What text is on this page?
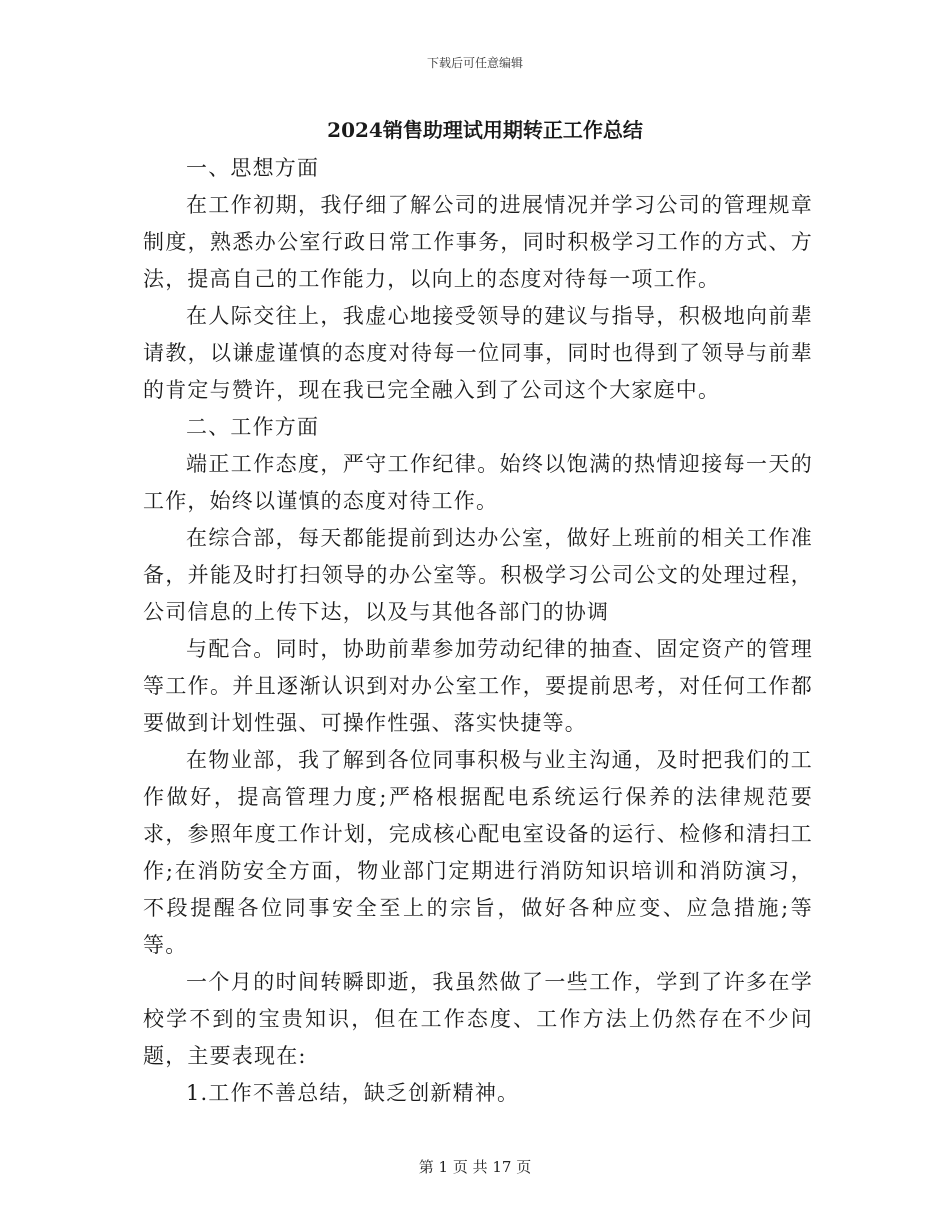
下载后可任意编辑
2024销售助理试用期转正工作总结

一、思想方面

在工作初期，我仔细了解公司的进展情况并学习公司的管理规章制度，熟悉办公室行政日常工作事务，同时积极学习工作的方式、方法，提高自己的工作能力，以向上的态度对待每一项工作。

在人际交往上，我虚心地接受领导的建议与指导，积极地向前辈请教，以谦虚谨慎的态度对待每一位同事，同时也得到了领导与前辈的肯定与赞许，现在我已完全融入到了公司这个大家庭中。

二、工作方面

端正工作态度，严守工作纪律。始终以饱满的热情迎接每一天的工作，始终以谨慎的态度对待工作。

在综合部，每天都能提前到达办公室，做好上班前的相关工作准备，并能及时打扫领导的办公室等。积极学习公司公文的处理过程，公司信息的上传下达，以及与其他各部门的协调

与配合。同时，协助前辈参加劳动纪律的抽查、固定资产的管理等工作。并且逐渐认识到对办公室工作，要提前思考，对任何工作都要做到计划性强、可操作性强、落实快捷等。

在物业部，我了解到各位同事积极与业主沟通，及时把我们的工作做好，提高管理力度;严格根据配电系统运行保养的法律规范要求，参照年度工作计划，完成核心配电室设备的运行、检修和清扫工作;在消防安全方面，物业部门定期进行消防知识培训和消防演习，不段提醒各位同事安全至上的宗旨，做好各种应变、应急措施;等等。

一个月的时间转瞬即逝，我虽然做了一些工作，学到了许多在学校学不到的宝贵知识，但在工作态度、工作方法上仍然存在不少问题，主要表现在:

1.工作不善总结，缺乏创新精神。

第 1 页 共 17 页
